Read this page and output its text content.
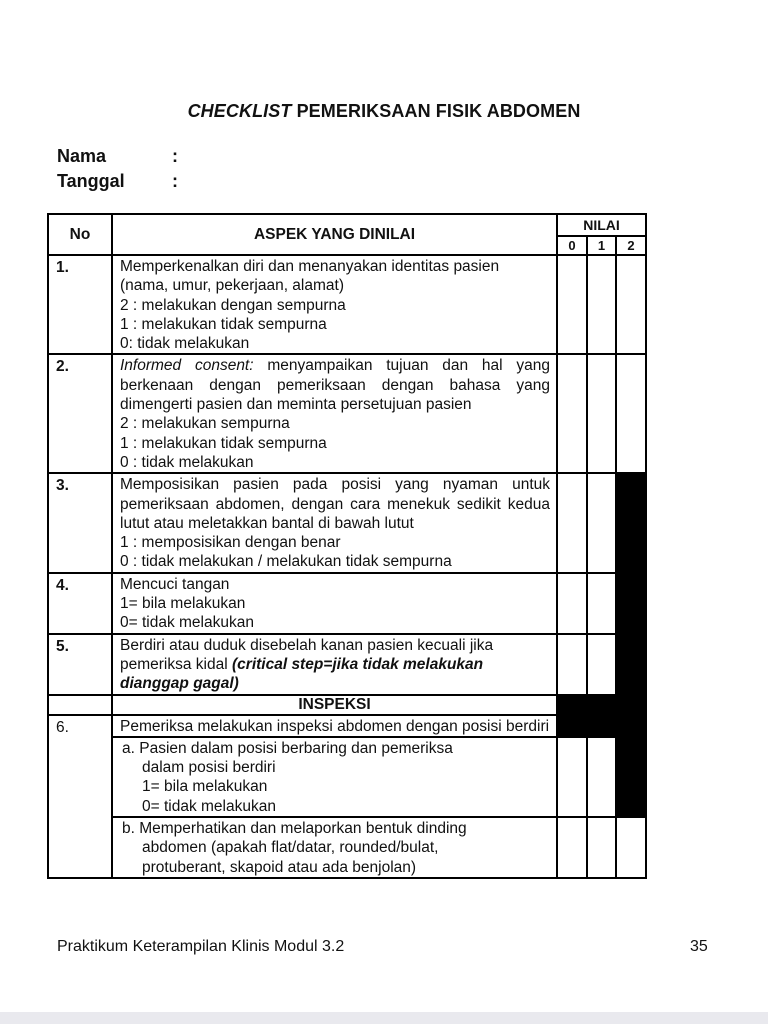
CHECKLIST PEMERIKSAAN FISIK ABDOMEN
Nama	:
Tanggal	:
No	ASPEK YANG DINILAI	NILAI		
		0	1	2
1.	Memperkenalkan diri dan menanyakan identitas pasien (nama, umur, pekerjaan, alamat)
2 : melakukan dengan sempurna
1 : melakukan tidak sempurna
0: tidak melakukan			

2.	Informed consent: menyampaikan tujuan dan hal yang berkenaan dengan pemeriksaan dengan bahasa yang dimengerti pasien dan meminta persetujuan pasien
2 : melakukan sempurna
1 : melakukan tidak sempurna
0 : tidak melakukan			

3.	Memposisikan pasien pada posisi yang nyaman untuk pemeriksaan abdomen, dengan cara menekuk sedikit kedua lutut atau meletakkan bantal di bawah lutut
1 : memposisikan dengan benar
0 : tidak melakukan / melakukan tidak sempurna			

4.	Mencuci tangan
1= bila melakukan
0= tidak melakukan			

5.	Berdiri atau duduk disebelah kanan pasien kecuali jika pemeriksa kidal (critical step=jika tidak melakukan dianggap gagal)			

	INSPEKSI			
6.	Pemeriksa melakukan inspeksi abdomen dengan posisi berdiri			

	a. Pasien dalam posisi berbaring dan pemeriksa
dalam posisi berdiri
1= bila melakukan
0= tidak melakukan			

	b. Memperhatikan dan melaporkan bentuk dinding
abdomen (apakah flat/datar, rounded/bulat,
protuberant, skapoid atau ada benjolan)			

Praktikum Keterampilan Klinis Modul 3.2	35
